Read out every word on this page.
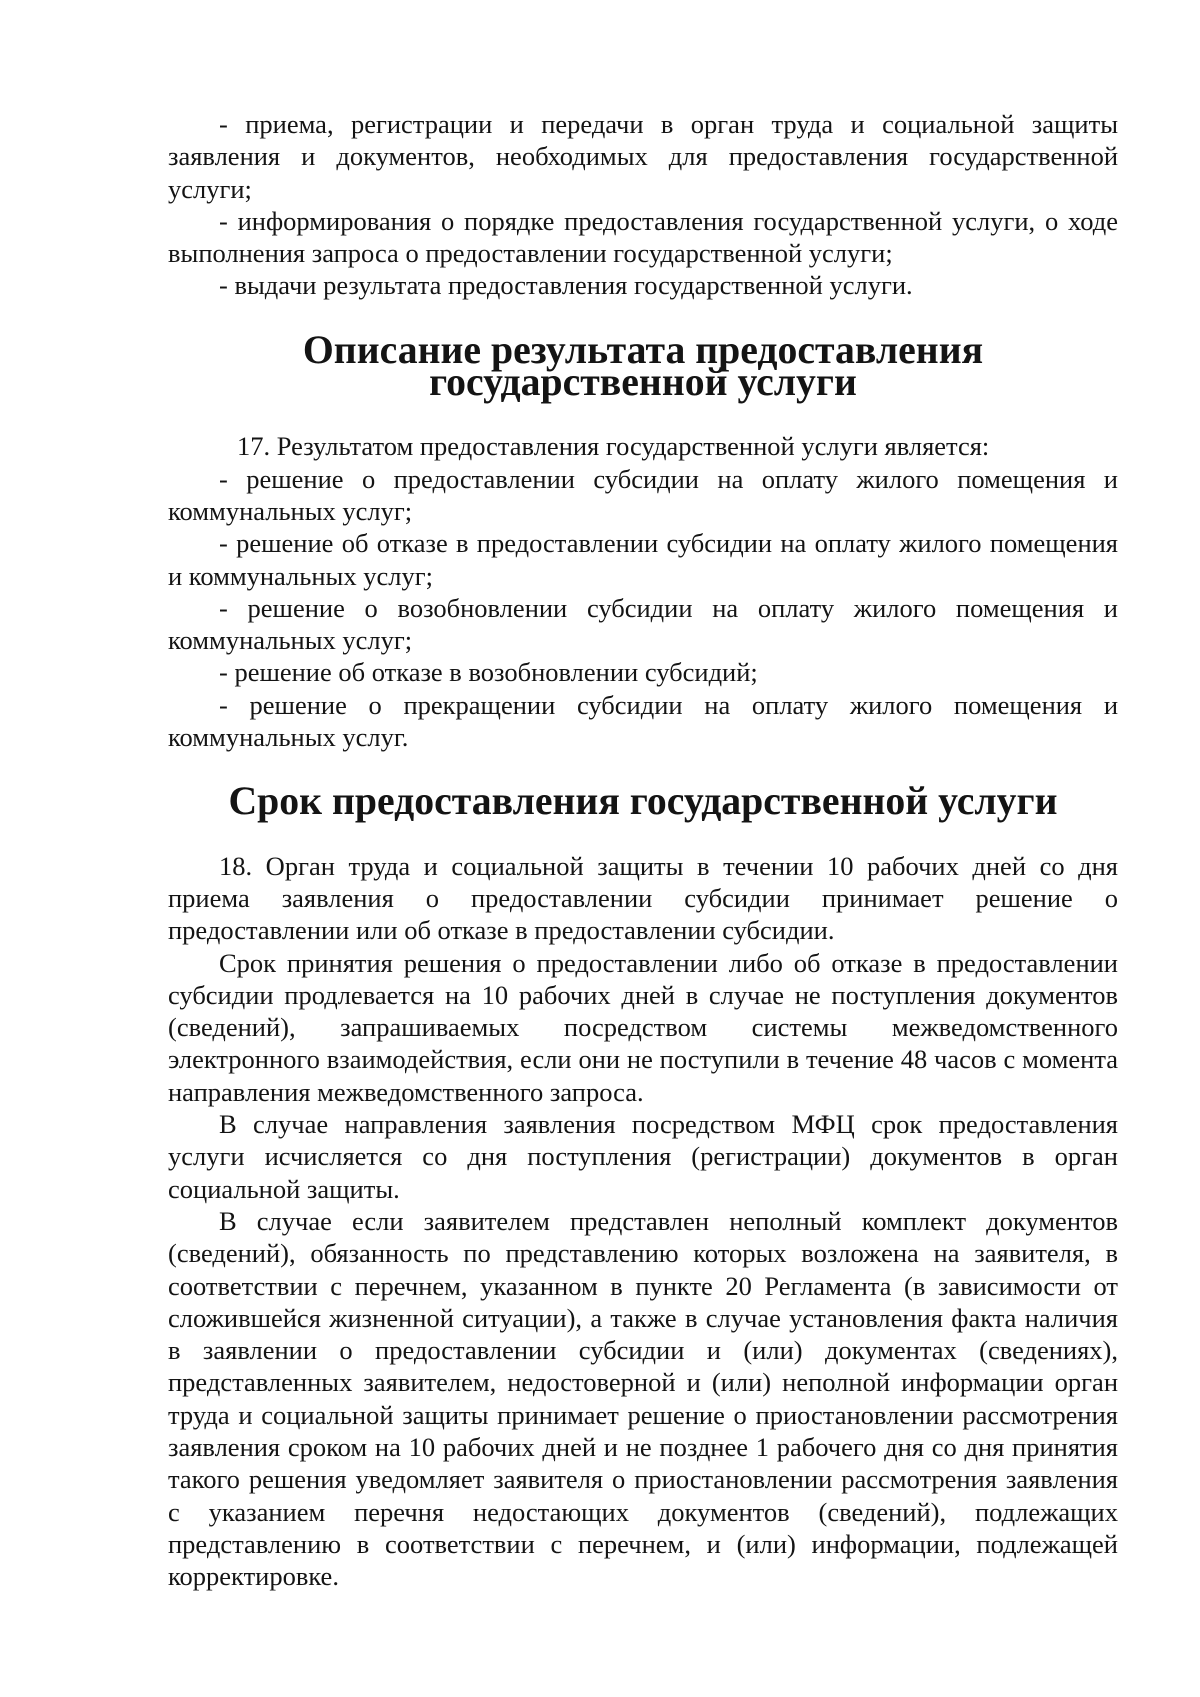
- приема, регистрации и передачи в орган труда и социальной защиты заявления и документов, необходимых для предоставления государственной услуги;

- информирования о порядке предоставления государственной услуги, о ходе выполнения запроса о предоставлении государственной услуги;

- выдачи результата предоставления государственной услуги.

Описание результата предоставления государственной услуги

17. Результатом предоставления государственной услуги является:

- решение о предоставлении субсидии на оплату жилого помещения и коммунальных услуг;

- решение об отказе в предоставлении субсидии на оплату жилого помещения и коммунальных услуг;

- решение о возобновлении субсидии на оплату жилого помещения и коммунальных услуг;

- решение об отказе в возобновлении субсидий;

- решение о прекращении субсидии на оплату жилого помещения и коммунальных услуг.

Срок предоставления государственной услуги

18. Орган труда и социальной защиты в течении 10 рабочих дней со дня приема заявления о предоставлении субсидии принимает решение о предоставлении или об отказе в предоставлении субсидии.

Срок принятия решения о предоставлении либо об отказе в предоставлении субсидии продлевается на 10 рабочих дней в случае не поступления документов (сведений), запрашиваемых посредством системы межведомственного электронного взаимодействия, если они не поступили в течение 48 часов с момента направления межведомственного запроса.

В случае направления заявления посредством МФЦ срок предоставления услуги исчисляется со дня поступления (регистрации) документов в орган социальной защиты.

В случае если заявителем представлен неполный комплект документов (сведений), обязанность по представлению которых возложена на заявителя, в соответствии с перечнем, указанном в пункте 20 Регламента (в зависимости от сложившейся жизненной ситуации), а также в случае установления факта наличия в заявлении о предоставлении субсидии и (или) документах (сведениях), представленных заявителем, недостоверной и (или) неполной информации орган труда и социальной защиты принимает решение о приостановлении рассмотрения заявления сроком на 10 рабочих дней и не позднее 1 рабочего дня со дня принятия такого решения уведомляет заявителя о приостановлении рассмотрения заявления с указанием перечня недостающих документов (сведений), подлежащих представлению в соответствии с перечнем, и (или) информации, подлежащей корректировке.
